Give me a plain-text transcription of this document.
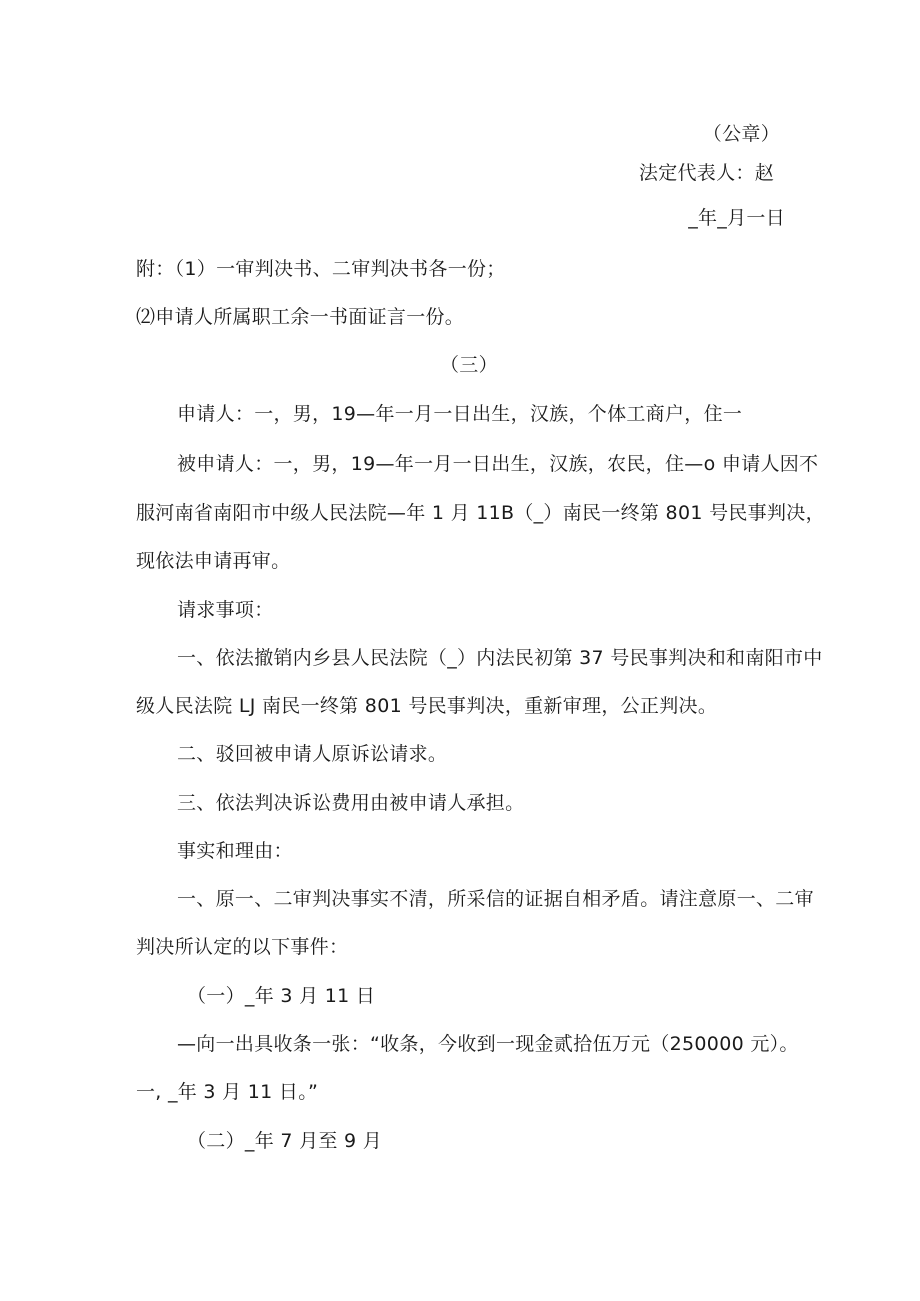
（公章）
法定代表人：赵
_年_月一日
附：（1）一审判决书、二审判决书各一份；
⑵申请人所属职工余一书面证言一份。
（三）
申请人：一，男，19—年一月一日出生，汉族，个体工商户，住一
被申请人：一，男，19—年一月一日出生，汉族，农民，住—o 申请人因不
服河南省南阳市中级人民法院—年 1 月 11B（_）南民一终第 801 号民事判决，
现依法申请再审。
请求事项：
一、依法撤销内乡县人民法院（_）内法民初第 37 号民事判决和和南阳市中
级人民法院 LJ 南民一终第 801 号民事判决，重新审理，公正判决。
二、驳回被申请人原诉讼请求。
三、依法判决诉讼费用由被申请人承担。
事实和理由：
一、原一、二审判决事实不清，所采信的证据自相矛盾。请注意原一、二审
判决所认定的以下事件：
（一）_年 3 月 11 日
—向一出具收条一张：“收条，今收到一现金贰拾伍万元（250000 元）。
一, _年 3 月 11 日。”
（二）_年 7 月至 9 月
